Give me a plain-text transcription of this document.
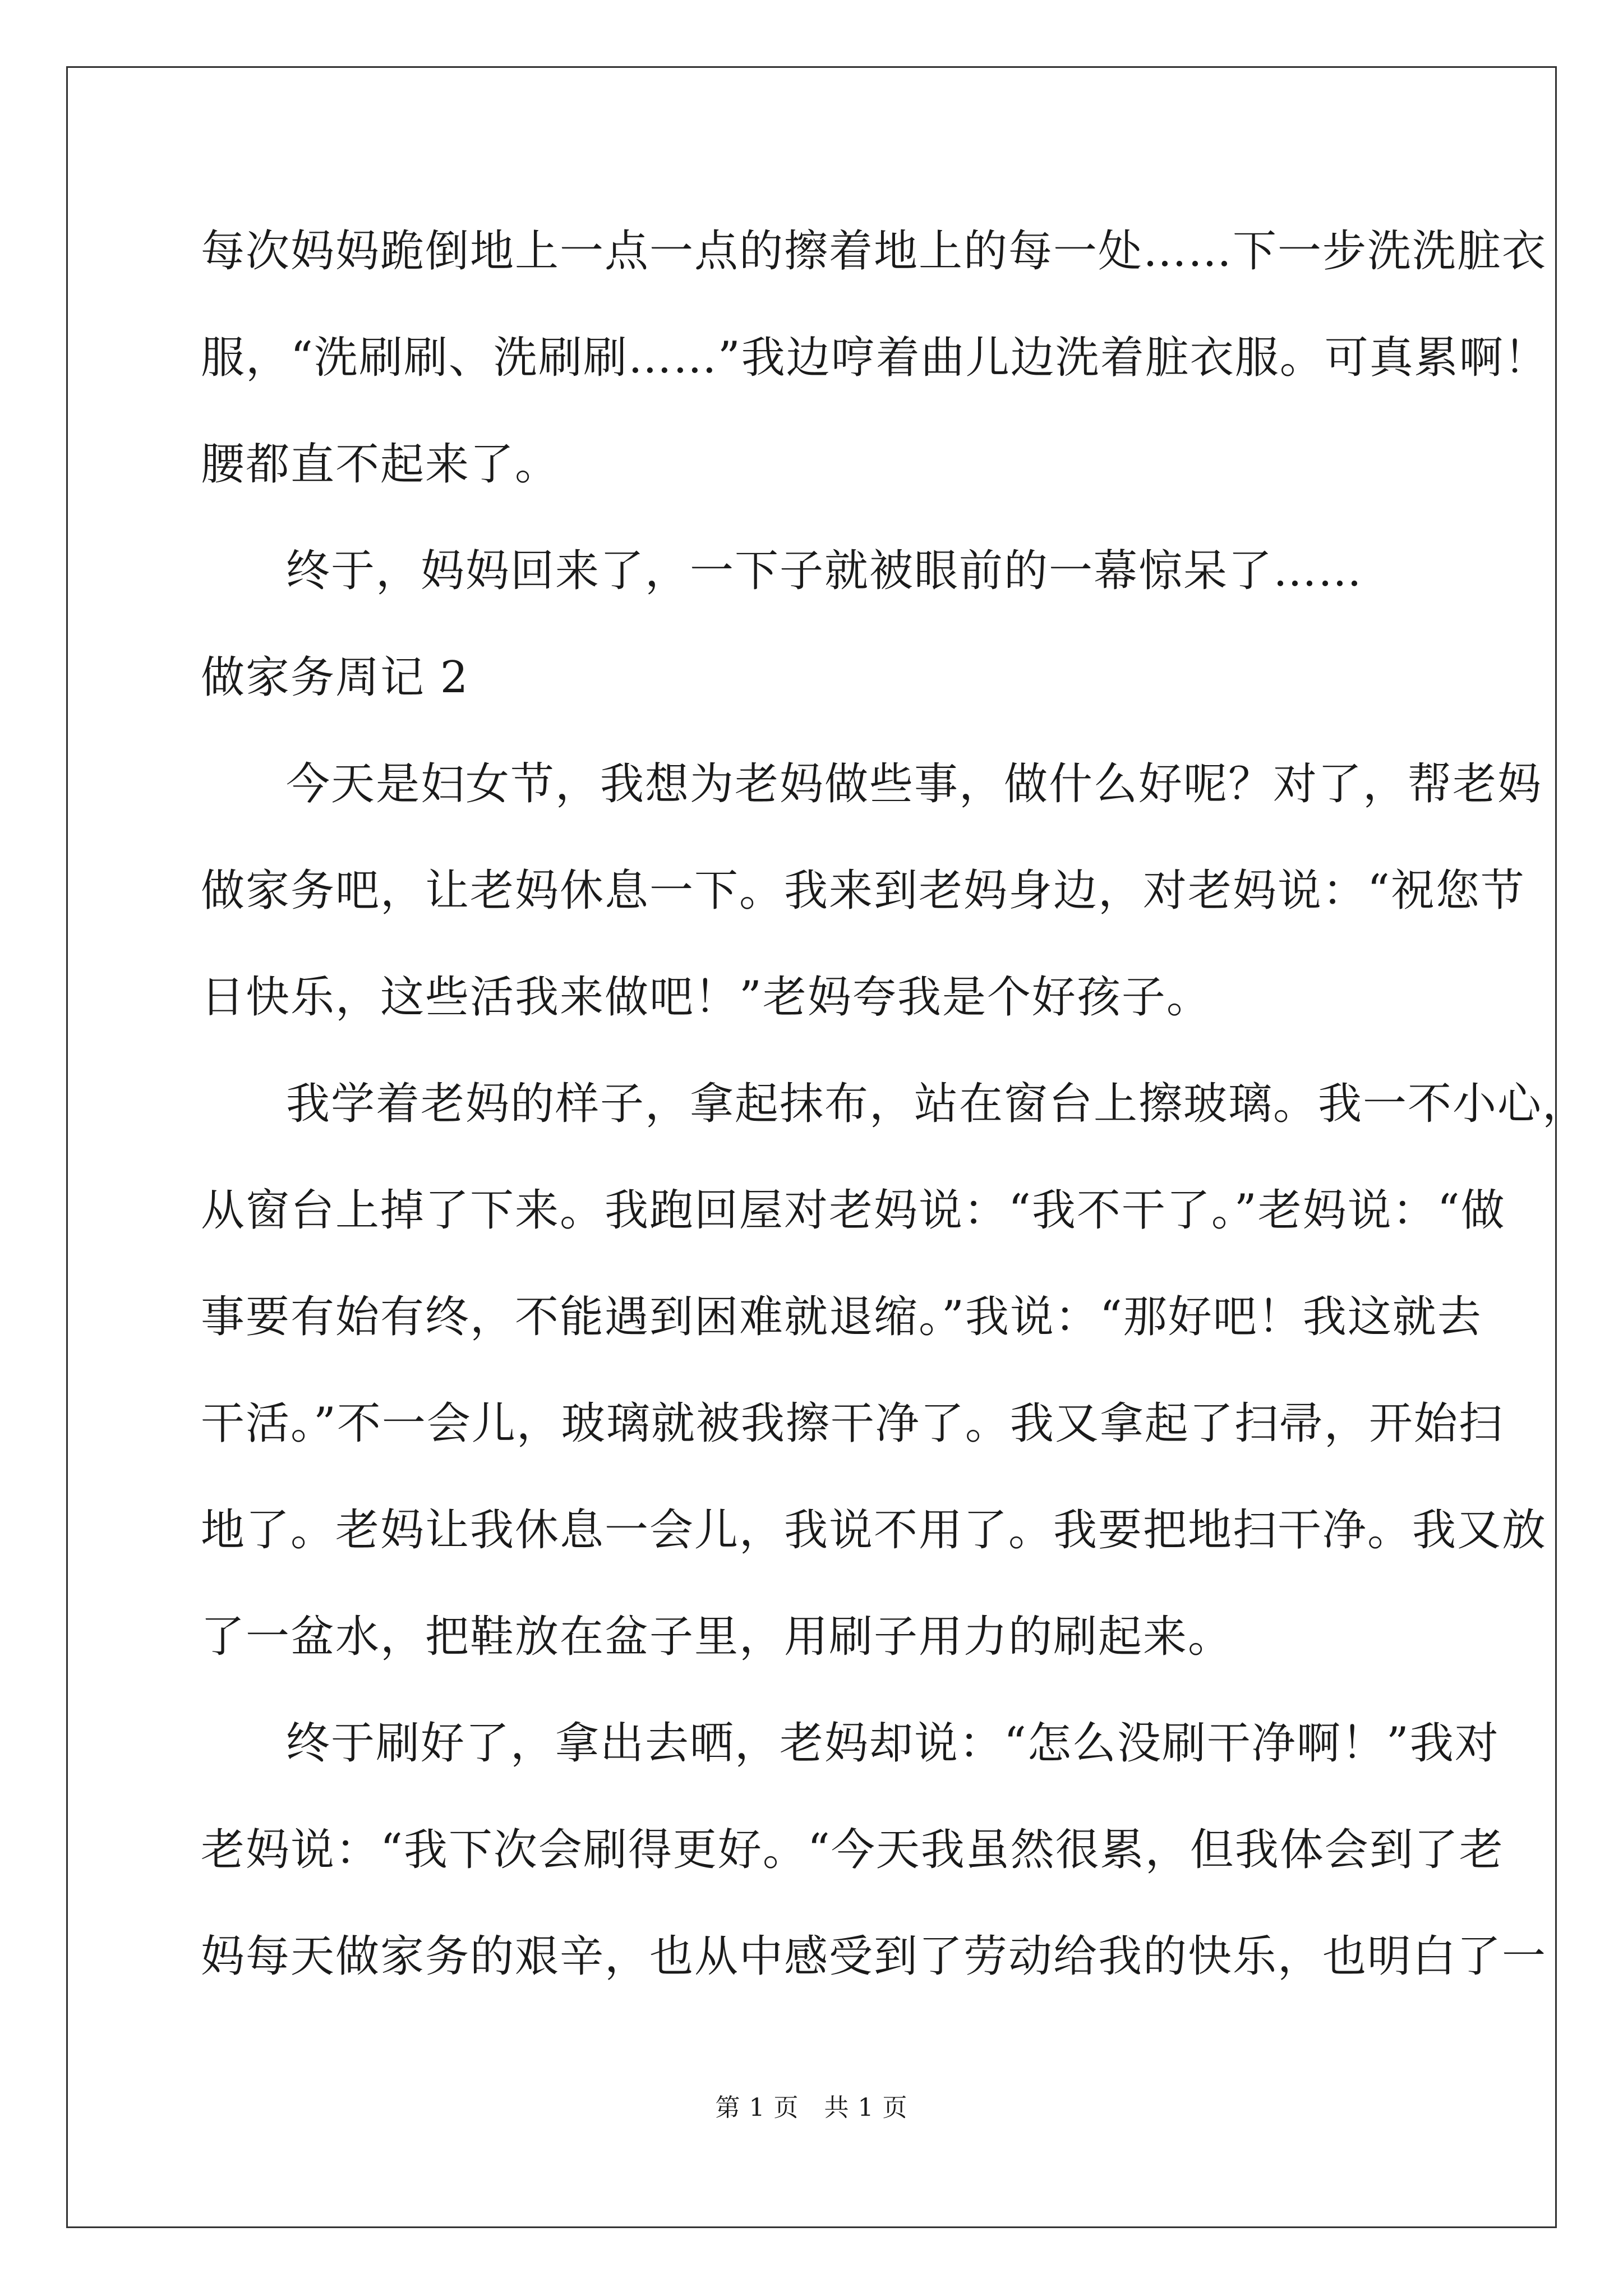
每次妈妈跪倒地上一点一点的擦着地上的每一处……下一步洗洗脏衣
服，“洗刷刷、洗刷刷……”我边哼着曲儿边洗着脏衣服。可真累啊！
腰都直不起来了。
终于，妈妈回来了，一下子就被眼前的一幕惊呆了……
做家务周记 2
今天是妇女节，我想为老妈做些事，做什么好呢？对了，帮老妈
做家务吧，让老妈休息一下。我来到老妈身边，对老妈说：“祝您节
日快乐，这些活我来做吧！”老妈夸我是个好孩子。
我学着老妈的样子，拿起抹布，站在窗台上擦玻璃。我一不小心，
从窗台上掉了下来。我跑回屋对老妈说：“我不干了。”老妈说：“做
事要有始有终，不能遇到困难就退缩。”我说：“那好吧！我这就去
干活。”不一会儿，玻璃就被我擦干净了。我又拿起了扫帚，开始扫
地了。老妈让我休息一会儿，我说不用了。我要把地扫干净。我又放
了一盆水，把鞋放在盆子里，用刷子用力的刷起来。
终于刷好了，拿出去晒，老妈却说：“怎么没刷干净啊！”我对
老妈说：“我下次会刷得更好。“今天我虽然很累，但我体会到了老
妈每天做家务的艰辛，也从中感受到了劳动给我的快乐，也明白了一
第 1 页　共 1 页
